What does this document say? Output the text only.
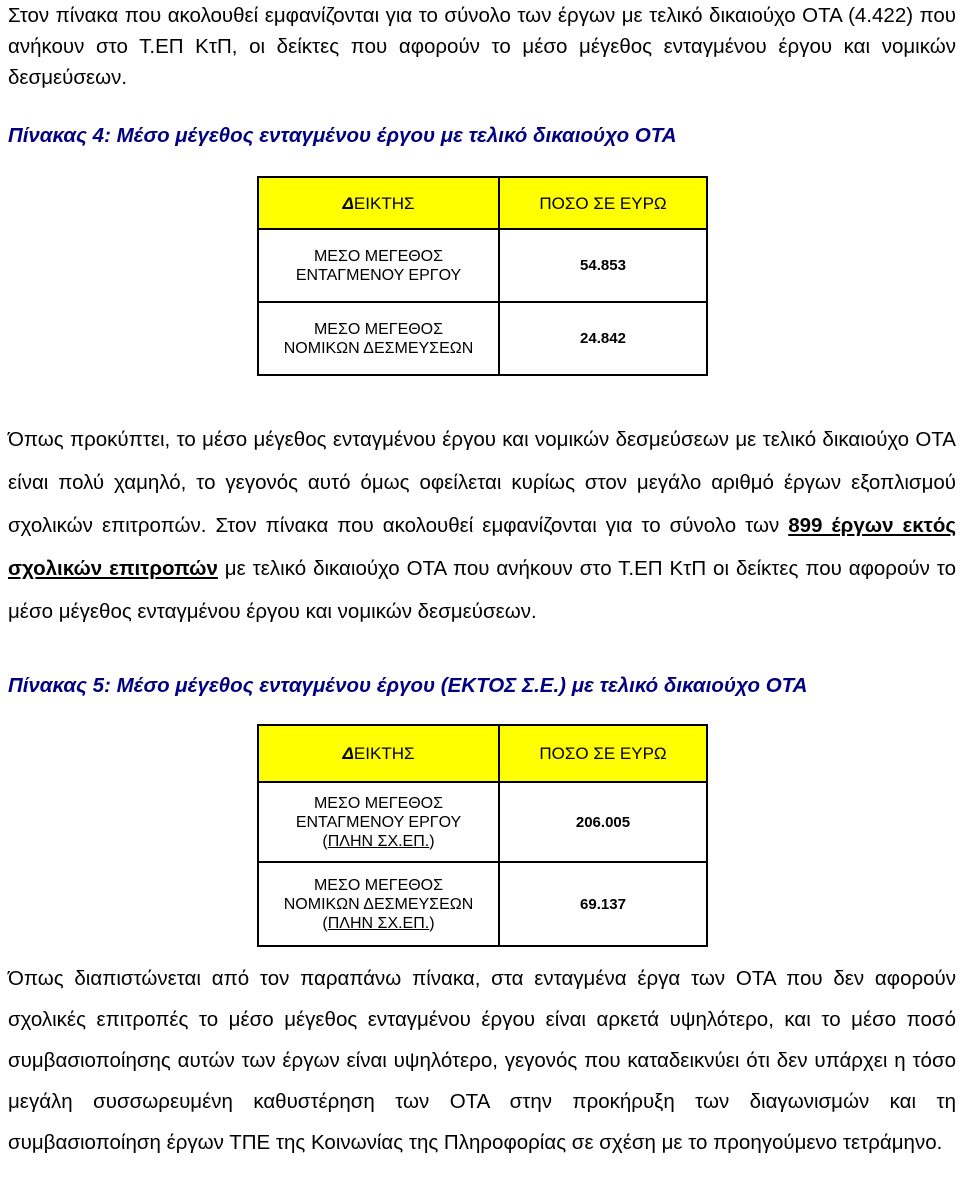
Στον πίνακα που ακολουθεί εμφανίζονται για το σύνολο των έργων με τελικό δικαιούχο ΟΤΑ (4.422) που ανήκουν στο Τ.ΕΠ ΚτΠ, οι δείκτες που αφορούν το μέσο μέγεθος ενταγμένου έργου και νομικών δεσμεύσεων.

Πίνακας 4: Μέσο μέγεθος ενταγμένου έργου με τελικό δικαιούχο ΟΤΑ

ΔΕΙΚΤΗΣ	ΠΟΣΟ ΣΕ ΕΥΡΩ

ΜΕΣΟ ΜΕΓΕΘΟΣ
ΕΝΤΑΓΜΕΝΟΥ ΕΡΓΟΥ	54.853

ΜΕΣΟ ΜΕΓΕΘΟΣ
ΝΟΜΙΚΩΝ ΔΕΣΜΕΥΣΕΩΝ	24.842

Όπως προκύπτει, το μέσο μέγεθος ενταγμένου έργου και νομικών δεσμεύσεων με τελικό δικαιούχο ΟΤΑ είναι πολύ χαμηλό, το γεγονός αυτό όμως οφείλεται κυρίως στον μεγάλο αριθμό έργων εξοπλισμού σχολικών επιτροπών. Στον πίνακα που ακολουθεί εμφανίζονται για το σύνολο των 899 έργων εκτός σχολικών επιτροπών με τελικό δικαιούχο ΟΤΑ που ανήκουν στο Τ.ΕΠ ΚτΠ οι δείκτες που αφορούν το μέσο μέγεθος ενταγμένου έργου και νομικών δεσμεύσεων.

Πίνακας 5: Μέσο μέγεθος ενταγμένου έργου (ΕΚΤΟΣ Σ.Ε.) με τελικό δικαιούχο ΟΤΑ

ΔΕΙΚΤΗΣ	ΠΟΣΟ ΣΕ ΕΥΡΩ

ΜΕΣΟ ΜΕΓΕΘΟΣ
ΕΝΤΑΓΜΕΝΟΥ ΕΡΓΟΥ
(ΠΛΗΝ ΣΧ.ΕΠ.)	206.005

ΜΕΣΟ ΜΕΓΕΘΟΣ
ΝΟΜΙΚΩΝ ΔΕΣΜΕΥΣΕΩΝ
(ΠΛΗΝ ΣΧ.ΕΠ.)	69.137

Όπως διαπιστώνεται από τον παραπάνω πίνακα, στα ενταγμένα έργα των ΟΤΑ που δεν αφορούν σχολικές επιτροπές το μέσο μέγεθος ενταγμένου έργου είναι αρκετά υψηλότερο, και το μέσο ποσό συμβασιοποίησης αυτών των έργων είναι υψηλότερο, γεγονός που καταδεικνύει ότι δεν υπάρχει η τόσο μεγάλη συσσωρευμένη καθυστέρηση των ΟΤΑ στην προκήρυξη των διαγωνισμών και τη συμβασιοποίηση έργων ΤΠΕ της Κοινωνίας της Πληροφορίας σε σχέση με το προηγούμενο τετράμηνο.
